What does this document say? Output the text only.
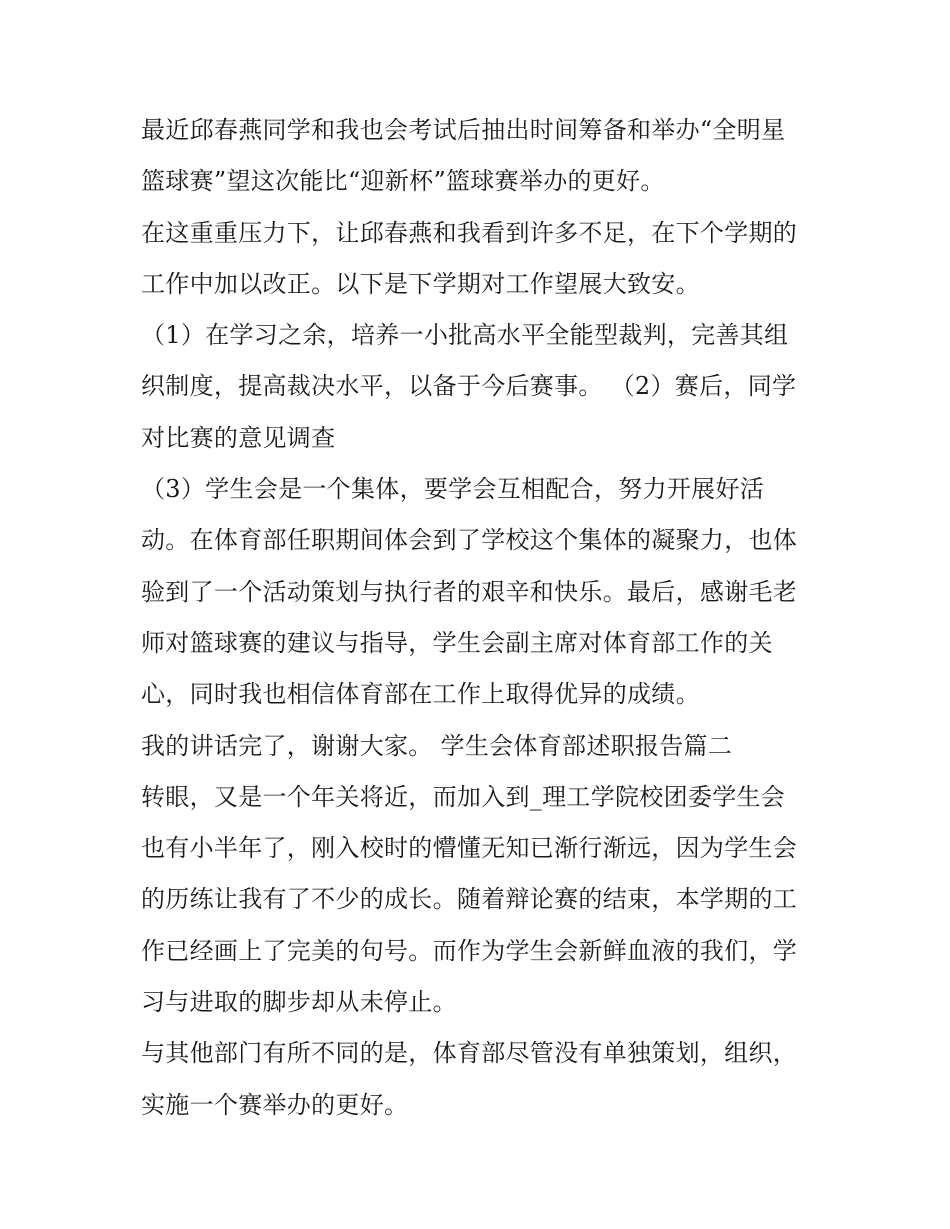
最近邱春燕同学和我也会考试后抽出时间筹备和举办“全明星
篮球赛”望这次能比“迎新杯”篮球赛举办的更好。
在这重重压力下，让邱春燕和我看到许多不足，在下个学期的
工作中加以改正。以下是下学期对工作望展大致安。
（1）在学习之余，培养一小批高水平全能型裁判，完善其组
织制度，提高裁决水平，以备于今后赛事。 （2）赛后，同学
对比赛的意见调查
（3）学生会是一个集体，要学会互相配合，努力开展好活
动。在体育部任职期间体会到了学校这个集体的凝聚力，也体
验到了一个活动策划与执行者的艰辛和快乐。最后，感谢毛老
师对篮球赛的建议与指导，学生会副主席对体育部工作的关
心，同时我也相信体育部在工作上取得优异的成绩。
我的讲话完了，谢谢大家。 学生会体育部述职报告篇二
转眼，又是一个年关将近，而加入到_理工学院校团委学生会
也有小半年了，刚入校时的懵懂无知已渐行渐远，因为学生会
的历练让我有了不少的成长。随着辩论赛的结束，本学期的工
作已经画上了完美的句号。而作为学生会新鲜血液的我们，学
习与进取的脚步却从未停止。
与其他部门有所不同的是，体育部尽管没有单独策划，组织，
实施一个赛举办的更好。
